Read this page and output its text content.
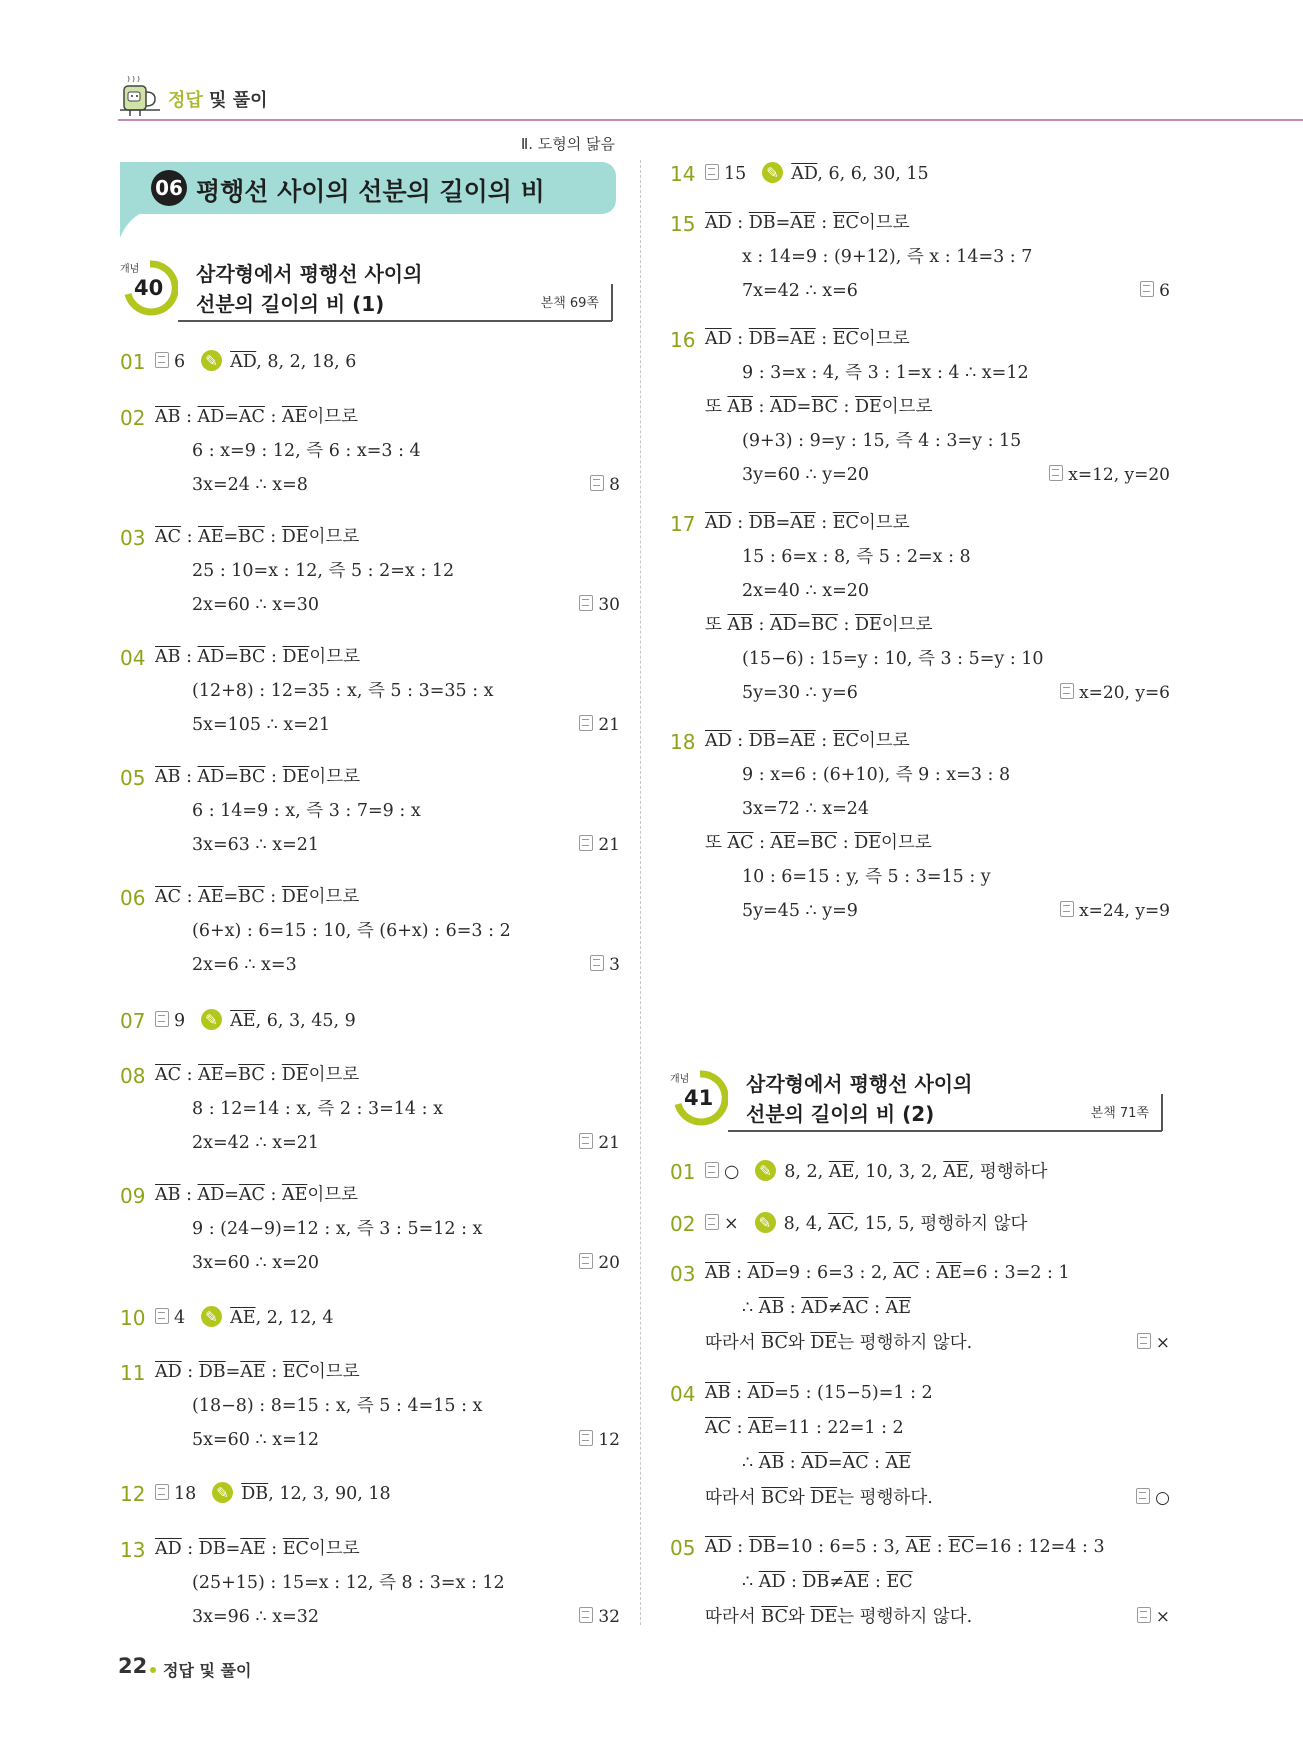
정답 및 풀이
Ⅱ. 도형의 닮음
06 평행선 사이의 선분의 길이의 비
개념
40
삼각형에서 평행선 사이의
선분의 길이의 비 (1)	본책 69쪽
01	6 ✎	$\overline{AD}$, 8, 2, 18, 6
02 $\overline{AB}$ : $\overline{AD}=\overline{AC}$ : $\overline{AE}$이므로
6 : x=9 : 12, 즉 6 : x=3 : 4
3x=24 ∴ x=8	8
03 $\overline{AC}$ : $\overline{AE}=\overline{BC}$ : $\overline{DE}$이므로
25 : 10=x : 12, 즉 5 : 2=x : 12
2x=60 ∴ x=30	30
04 $\overline{AB}$ : $\overline{AD}=\overline{BC}$ : $\overline{DE}$이므로
(12+8) : 12=35 : x, 즉 5 : 3=35 : x
5x=105 ∴ x=21	21
05 $\overline{AB}$ : $\overline{AD}=\overline{BC}$ : $\overline{DE}$이므로
6 : 14=9 : x, 즉 3 : 7=9 : x
3x=63 ∴ x=21	21
06 $\overline{AC}$ : $\overline{AE}=\overline{BC}$ : $\overline{DE}$이므로
(6+x) : 6=15 : 10, 즉 (6+x) : 6=3 : 2
2x=6 ∴ x=3	3
07	9 ✎	$\overline{AE}$, 6, 3, 45, 9
08 $\overline{AC}$ : $\overline{AE}=\overline{BC}$ : $\overline{DE}$이므로
8 : 12=14 : x, 즉 2 : 3=14 : x
2x=42 ∴ x=21	21
09 $\overline{AB}$ : $\overline{AD}=\overline{AC}$ : $\overline{AE}$이므로
9 : (24−9)=12 : x, 즉 3 : 5=12 : x
3x=60 ∴ x=20	20
10	4 ✎	$\overline{AE}$, 2, 12, 4
11 $\overline{AD}$ : $\overline{DB}=\overline{AE}$ : $\overline{EC}$이므로
(18−8) : 8=15 : x, 즉 5 : 4=15 : x
5x=60 ∴ x=12	12
12	18 ✎	$\overline{DB}$, 12, 3, 90, 18
13 $\overline{AD}$ : $\overline{DB}=\overline{AE}$ : $\overline{EC}$이므로
(25+15) : 15=x : 12, 즉 8 : 3=x : 12
3x=96 ∴ x=32	32
14	15 ✎	$\overline{AD}$, 6, 6, 30, 15
15 $\overline{AD}$ : $\overline{DB}=\overline{AE}$ : $\overline{EC}$이므로
x : 14=9 : (9+12), 즉 x : 14=3 : 7
7x=42 ∴ x=6	6
16 $\overline{AD}$ : $\overline{DB}=\overline{AE}$ : $\overline{EC}$이므로
9 : 3=x : 4, 즉 3 : 1=x : 4 ∴ x=12
또 $\overline{AB}$ : $\overline{AD}=\overline{BC}$ : $\overline{DE}$이므로
(9+3) : 9=y : 15, 즉 4 : 3=y : 15
3y=60 ∴ y=20	x=12, y=20
17 $\overline{AD}$ : $\overline{DB}=\overline{AE}$ : $\overline{EC}$이므로
15 : 6=x : 8, 즉 5 : 2=x : 8
2x=40 ∴ x=20
또 $\overline{AB}$ : $\overline{AD}=\overline{BC}$ : $\overline{DE}$이므로
(15−6) : 15=y : 10, 즉 3 : 5=y : 10
5y=30 ∴ y=6	x=20, y=6
18 $\overline{AD}$ : $\overline{DB}=\overline{AE}$ : $\overline{EC}$이므로
9 : x=6 : (6+10), 즉 9 : x=3 : 8
3x=72 ∴ x=24
또 $\overline{AC}$ : $\overline{AE}=\overline{BC}$ : $\overline{DE}$이므로
10 : 6=15 : y, 즉 5 : 3=15 : y
5y=45 ∴ y=9	x=24, y=9
개념
41
삼각형에서 평행선 사이의
선분의 길이의 비 (2)	본책 71쪽
01	○ ✎	8, 2, $\overline{AE}$, 10, 3, 2, $\overline{AE}$, 평행하다
02	× ✎	8, 4, $\overline{AC}$, 15, 5, 평행하지 않다
03 $\overline{AB}$ : $\overline{AD}=9$ : 6=3 : 2, $\overline{AC}$ : $\overline{AE}=6$ : 3=2 : 1
∴ $\overline{AB}$ : $\overline{AD}\ne\overline{AC}$ : $\overline{AE}$
따라서 $\overline{BC}$와 $\overline{DE}$는 평행하지 않다.	×
04 $\overline{AB}$ : $\overline{AD}=5$ : (15−5)=1 : 2
$\overline{AC}$ : $\overline{AE}=11$ : 22=1 : 2
∴ $\overline{AB}$ : $\overline{AD}=\overline{AC}$ : $\overline{AE}$
따라서 $\overline{BC}$와 $\overline{DE}$는 평행하다.	○
05 $\overline{AD}$ : $\overline{DB}=10$ : 6=5 : 3, $\overline{AE}$ : $\overline{EC}=16$ : 12=4 : 3
∴ $\overline{AD}$ : $\overline{DB}\ne\overline{AE}$ : $\overline{EC}$
따라서 $\overline{BC}$와 $\overline{DE}$는 평행하지 않다.	×
22 정답 및 풀이
